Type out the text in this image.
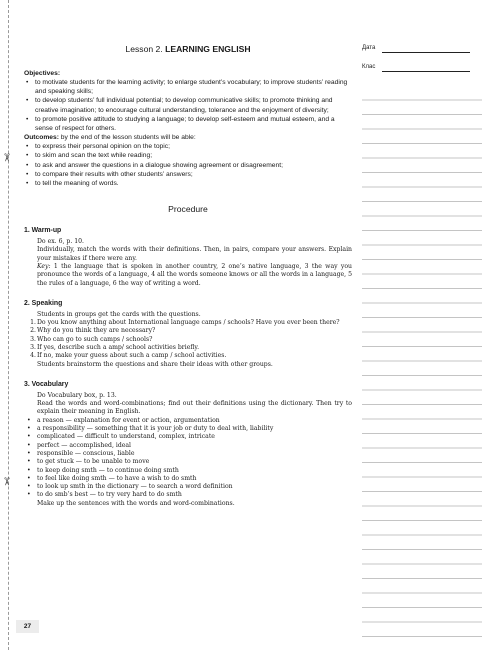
✂
✂
Lesson 2. LEARNING ENGLISH
Objectives:
• to motivate students for the learning activity; to enlarge student’s vocabulary; to improve students’ reading and speaking skills;
• to develop students’ full individual potential; to develop communicative skills; to promote thinking and creative imagination; to encourage cultural understanding, tolerance and the enjoyment of diversity;
• to promote positive attitude to studying a language; to develop self-esteem and mutual esteem, and a sense of respect for others.
Outcomes: by the end of the lesson students will be able:
• to express their personal opinion on the topic;
• to skim and scan the text while reading;
• to ask and answer the questions in a dialogue showing agreement or disagreement;
• to compare their results with other students’ answers;
• to tell the meaning of words.
Procedure
1. Warm-up
Do ex. 6, p. 10.
Individually, match the words with their definitions. Then, in pairs, compare your answers. Explain your mistakes if there were any.
Key: 1 the language that is spoken in another country, 2 one’s native language, 3 the way you pronounce the words of a language, 4 all the words someone knows or all the words in a language, 5 the rules of a language, 6 the way of writing a word.
2. Speaking
Students in groups get the cards with the questions.
1 . Do you know anything about International language camps / schools? Have you ever been there?
2 . Why do you think they are necessary?
3 . Who can go to such camps / schools?
3 . If yes, describe such a amp/ school activities briefly.
4 . If no, make your guess about such a camp / school activities.
Students brainstorm the questions and share their ideas with other groups.
3. Vocabulary
Do Vocabulary box, p. 13.
Read the words and word-combinations; find out their definitions using the dictionary. Then try to explain their meaning in English.
• a reason — explanation for event or action, argumentation
• a responsibility — something that it is your job or duty to deal with, liability
• complicated — difficult to understand, complex, intricate
• perfect — accomplished, ideal
• responsible — conscious, liable
• to get stuck — to be unable to move
• to keep doing smth — to continue doing smth
• to feel like doing smth — to have a wish to do smth
• to look up smth in the dictionary — to search a word definition
• to do smb’s best — to try very hard to do smth
Make up the sentences with the words and word-combinations.
Дата
Клас
27
